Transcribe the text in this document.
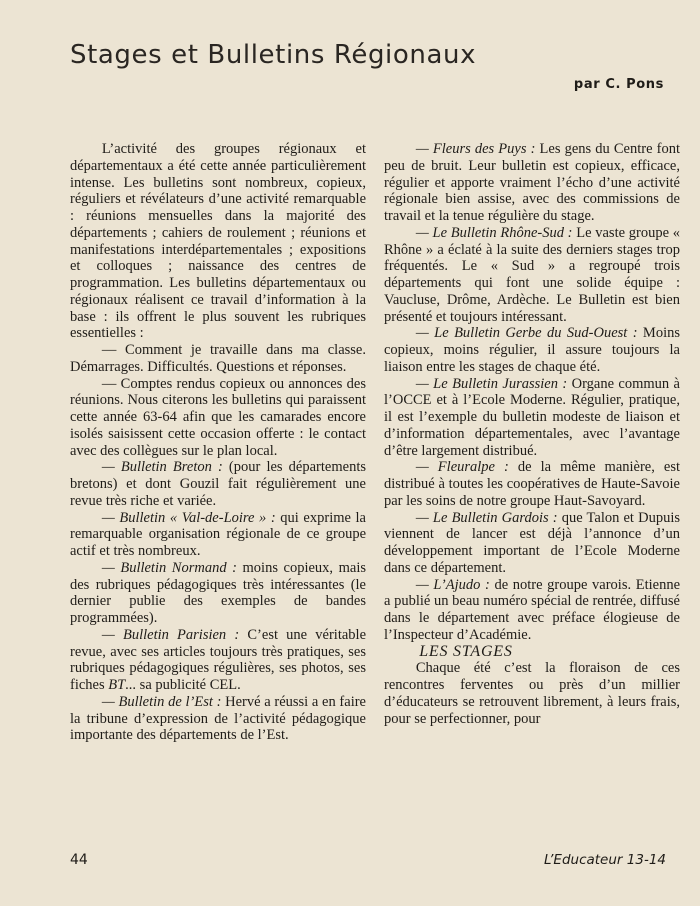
Stages et Bulletins Régionaux
par C. Pons

L’activité des groupes régionaux et départementaux a été cette année particulièrement intense. Les bulletins sont nombreux, copieux, réguliers et révélateurs d’une activité remarquable : réunions mensuelles dans la majorité des départements ; cahiers de roulement ; réunions et manifestations interdépartementales ; expositions et colloques ; naissance des centres de programmation. Les bulletins départementaux ou régionaux réalisent ce travail d’information à la base : ils offrent le plus souvent les rubriques essentielles :

— Comment je travaille dans ma classe. Démarrages. Difficultés. Questions et réponses.

— Comptes rendus copieux ou annonces des réunions. Nous citerons les bulletins qui paraissent cette année 63-64 afin que les camarades encore isolés saisissent cette occasion offerte : le contact avec des collègues sur le plan local.

— Bulletin Breton : (pour les départements bretons) et dont Gouzil fait régulièrement une revue très riche et variée.

— Bulletin « Val-de-Loire » : qui exprime la remarquable organisation régionale de ce groupe actif et très nombreux.

— Bulletin Normand : moins copieux, mais des rubriques pédagogiques très intéressantes (le dernier publie des exemples de bandes programmées).

— Bulletin Parisien : C’est une véritable revue, avec ses articles toujours très pratiques, ses rubriques pédagogiques régulières, ses photos, ses fiches BT... sa publicité CEL.

— Bulletin de l’Est : Hervé a réussi a en faire la tribune d’expression de l’activité pédagogique importante des départements de l’Est.

— Fleurs des Puys : Les gens du Centre font peu de bruit. Leur bulletin est copieux, efficace, régulier et apporte vraiment l’écho d’une activité régionale bien assise, avec des commissions de travail et la tenue régulière du stage.

— Le Bulletin Rhône-Sud : Le vaste groupe « Rhône » a éclaté à la suite des derniers stages trop fréquentés. Le « Sud » a regroupé trois départements qui font une solide équipe : Vaucluse, Drôme, Ardèche. Le Bulletin est bien présenté et toujours intéressant.

— Le Bulletin Gerbe du Sud-Ouest : Moins copieux, moins régulier, il assure toujours la liaison entre les stages de chaque été.

— Le Bulletin Jurassien : Organe commun à l’OCCE et à l’Ecole Moderne. Régulier, pratique, il est l’exemple du bulletin modeste de liaison et d’information départementales, avec l’avantage d’être largement distribué.

— Fleuralpe : de la même manière, est distribué à toutes les coopératives de Haute-Savoie par les soins de notre groupe Haut-Savoyard.

— Le Bulletin Gardois : que Talon et Dupuis viennent de lancer est déjà l’annonce d’un développement important de l’Ecole Moderne dans ce département.

— L’Ajudo : de notre groupe varois. Etienne a publié un beau numéro spécial de rentrée, diffusé dans le département avec préface élogieuse de l’Inspecteur d’Académie.

LES STAGES

Chaque été c’est la floraison de ces rencontres ferventes ou près d’un millier d’éducateurs se retrouvent librement, à leurs frais, pour se perfectionner, pour

44	L’Educateur 13-14
